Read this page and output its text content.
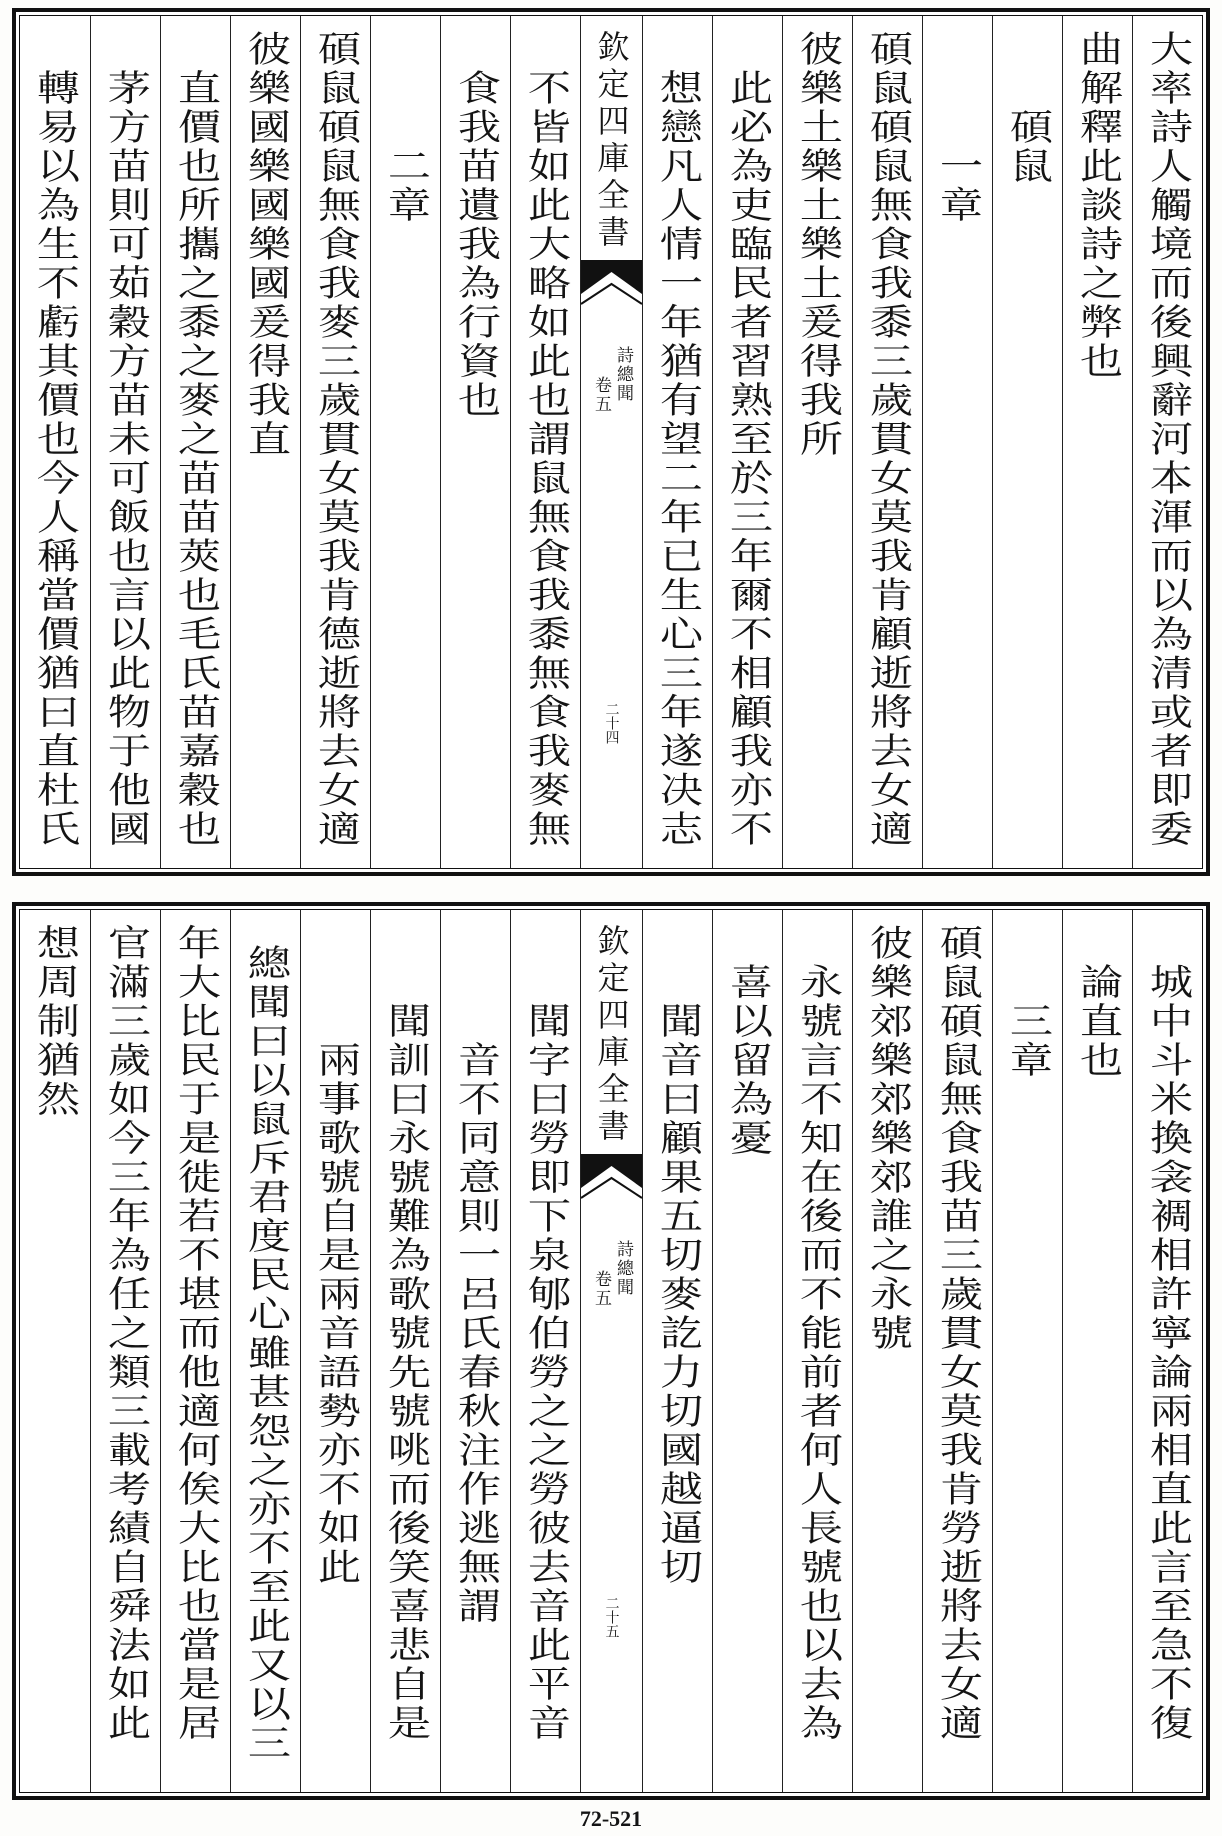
大率詩人觸境而後興辭河本渾而以為清或者即委
曲解釋此談詩之弊也
碩鼠
一章
碩鼠碩鼠無食我黍三歲貫女莫我肯顧逝將去女適
彼樂土樂土樂土爰得我所
此必為吏臨民者習熟至於三年爾不相顧我亦不
想戀凡人情一年猶有望二年已生心三年遂决志
欽定四庫全書
詩總聞
卷五
二十四
不皆如此大略如此也謂鼠無食我黍無食我麥無
食我苗遺我為行資也
二章
碩鼠碩鼠無食我麥三歲貫女莫我肯德逝將去女適
彼樂國樂國樂國爰得我直
直價也所攜之黍之麥之苗苗莢也毛氏苗嘉穀也
茅方苗則可茹穀方苗未可飯也言以此物于他國
轉易以為生不虧其價也今人稱當價猶曰直杜氏
城中斗米換衾裯相許寧論兩相直此言至急不復
論直也
三章
碩鼠碩鼠無食我苗三歲貫女莫我肯勞逝將去女適
彼樂郊樂郊樂郊誰之永號
永號言不知在後而不能前者何人長號也以去為
喜以留為憂
聞音曰顧果五切麥訖力切國越逼切
欽定四庫全書
詩總聞
卷五
二十五
聞字曰勞即下泉郇伯勞之之勞彼去音此平音
音不同意則一呂氏春秋注作逃無謂
聞訓曰永號難為歌號先號咷而後笑喜悲自是
兩事歌號自是兩音語勢亦不如此
總聞曰以鼠斥君度民心雖甚怨之亦不至此又以三
年大比民于是徙若不堪而他適何俟大比也當是居
官滿三歲如今三年為任之類三載考績自舜法如此
想周制猶然
72-521
